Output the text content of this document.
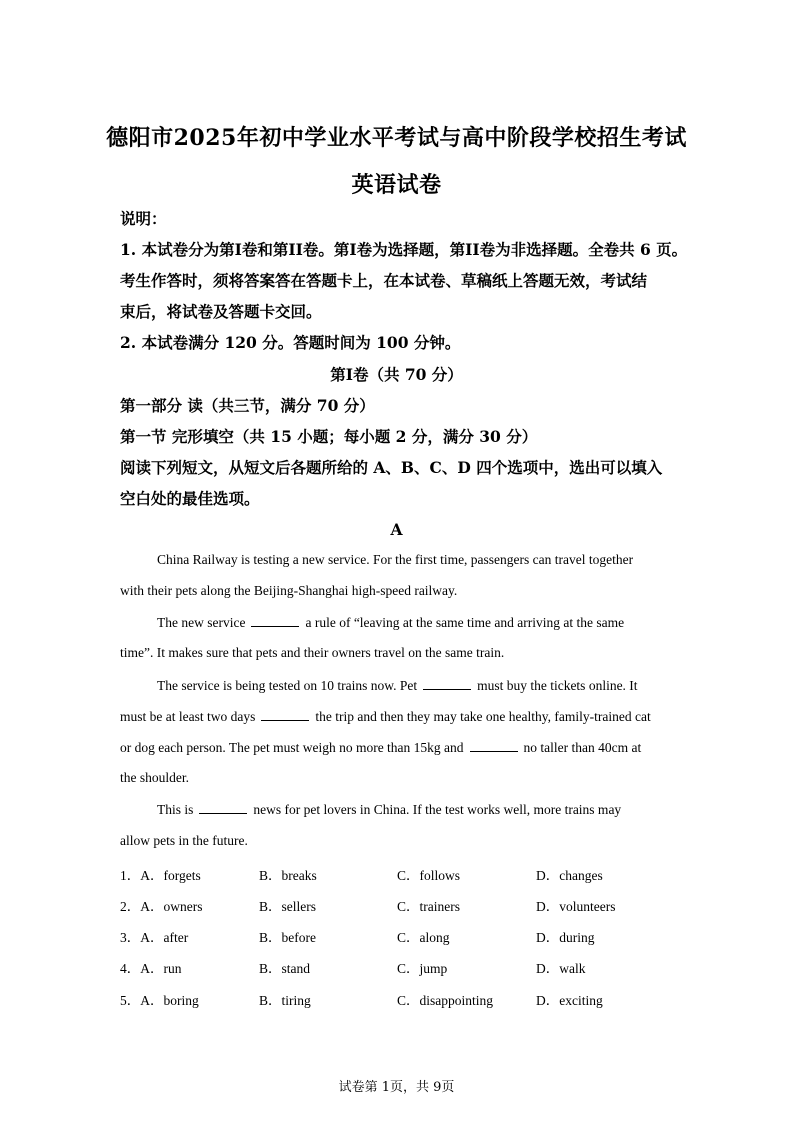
德阳市2025年初中学业水平考试与高中阶段学校招生考试
英语试卷
说明：
1. 本试卷分为第I卷和第II卷。第I卷为选择题，第II卷为非选择题。全卷共 6 页。
考生作答时，须将答案答在答题卡上，在本试卷、草稿纸上答题无效，考试结
束后，将试卷及答题卡交回。
2. 本试卷满分 120 分。答题时间为 100 分钟。
第I卷（共 70 分）
第一部分 读（共三节，满分 70 分）
第一节 完形填空（共 15 小题；每小题 2 分，满分 30 分）
阅读下列短文，从短文后各题所给的 A、B、C、D 四个选项中，选出可以填入
空白处的最佳选项。
A
China Railway is testing a new service. For the first time, passengers can travel together
with their pets along the Beijing-Shanghai high-speed railway.
The new service	a rule of “leaving at the same time and arriving at the same
time”. It makes sure that pets and their owners travel on the same train.
The service is being tested on 10 trains now. Pet	must buy the tickets online. It
must be at least two days	the trip and then they may take one healthy, family-trained cat
or dog each person. The pet must weigh no more than 15kg and	no taller than 40cm at
the shoulder.
This is	news for pet lovers in China. If the test works well, more trains may
allow pets in the future.
1．A．forgets	B．breaks	C．follows	D．changes
2．A．owners	B．sellers	C．trainers	D．volunteers
3．A．after	B．before	C．along	D．during
4．A．run	B．stand	C．jump	D．walk
5．A．boring	B．tiring	C．disappointing	D．exciting
试卷第 1页，共 9页
